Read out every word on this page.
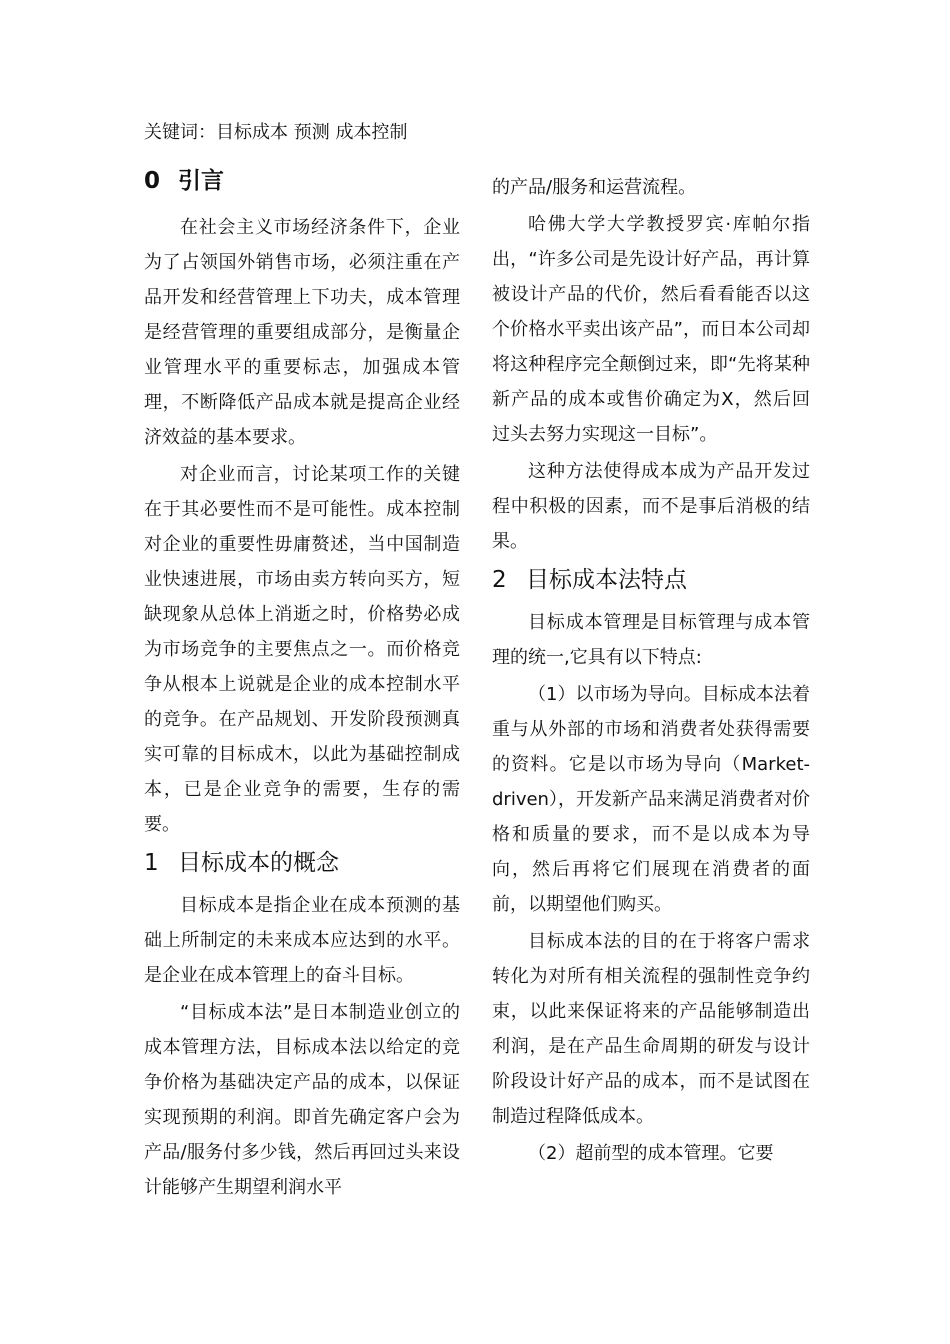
关键词：目标成本 预测 成本控制
0 引言

在社会主义市场经济条件下，企业为了占领国外销售市场，必须注重在产品开发和经营管理上下功夫，成本管理是经营管理的重要组成部分，是衡量企业管理水平的重要标志，加强成本管理，不断降低产品成本就是提高企业经济效益的基本要求。

对企业而言，讨论某项工作的关键在于其必要性而不是可能性。成本控制对企业的重要性毋庸赘述，当中国制造业快速进展，市场由卖方转向买方，短缺现象从总体上消逝之时，价格势必成为市场竞争的主要焦点之一。而价格竞争从根本上说就是企业的成本控制水平的竞争。在产品规划、开发阶段预测真实可靠的目标成木，以此为基础控制成本，已是企业竞争的需要，生存的需要。

1 目标成本的概念

目标成本是指企业在成本预测的基础上所制定的未来成本应达到的水平。是企业在成本管理上的奋斗目标。

“目标成本法”是日本制造业创立的成本管理方法，目标成本法以给定的竞争价格为基础决定产品的成本，以保证实现预期的利润。即首先确定客户会为产品/服务付多少钱，然后再回过头来设计能够产生期望利润水平

的产品/服务和运营流程。

哈佛大学大学教授罗宾·库帕尔指出，“许多公司是先设计好产品，再计算被设计产品的代价，然后看看能否以这个价格水平卖出该产品”，而日本公司却将这种程序完全颠倒过来，即“先将某种新产品的成本或售价确定为X，然后回过头去努力实现这一目标”。

这种方法使得成本成为产品开发过程中积极的因素，而不是事后消极的结果。

2 目标成本法特点

目标成本管理是目标管理与成本管理的统一,它具有以下特点:

（1）以市场为导向。目标成本法着重与从外部的市场和消费者处获得需要的资料。它是以市场为导向（Market-driven），开发新产品来满足消费者对价格和质量的要求，而不是以成本为导向，然后再将它们展现在消费者的面前，以期望他们购买。

目标成本法的目的在于将客户需求转化为对所有相关流程的强制性竞争约束，以此来保证将来的产品能够制造出利润，是在产品生命周期的研发与设计阶段设计好产品的成本，而不是试图在制造过程降低成本。

（2）超前型的成本管理。它要
